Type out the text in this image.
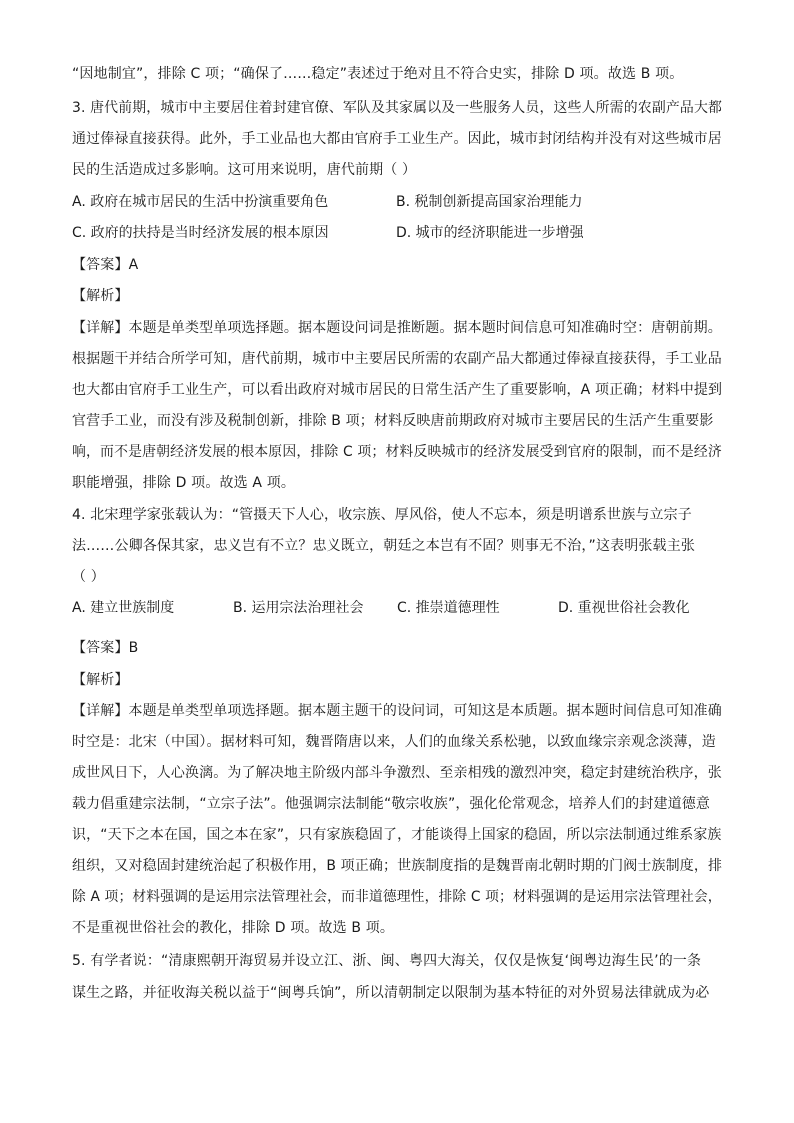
“因地制宜”，排除 C 项；“确保了……稳定”表述过于绝对且不符合史实，排除 D 项。故选 B 项。
3. 唐代前期，城市中主要居住着封建官僚、军队及其家属以及一些服务人员，这些人所需的农副产品大都
通过俸禄直接获得。此外，手工业品也大都由官府手工业生产。因此，城市封闭结构并没有对这些城市居
民的生活造成过多影响。这可用来说明，唐代前期（ ）
A. 政府在城市居民的生活中扮演重要角色	B. 税制创新提高国家治理能力
C. 政府的扶持是当时经济发展的根本原因	D. 城市的经济职能进一步增强
【答案】A
【解析】
【详解】本题是单类型单项选择题。据本题设问词是推断题。据本题时间信息可知准确时空：唐朝前期。
根据题干并结合所学可知，唐代前期，城市中主要居民所需的农副产品大都通过俸禄直接获得，手工业品
也大都由官府手工业生产，可以看出政府对城市居民的日常生活产生了重要影响，A 项正确；材料中提到
官营手工业，而没有涉及税制创新，排除 B 项；材料反映唐前期政府对城市主要居民的生活产生重要影
响，而不是唐朝经济发展的根本原因，排除 C 项；材料反映城市的经济发展受到官府的限制，而不是经济
职能增强，排除 D 项。故选 A 项。
4. 北宋理学家张载认为：“管摄天下人心，收宗族、厚风俗，使人不忘本，须是明谱系世族与立宗子
法……公卿各保其家，忠义岂有不立？忠义既立，朝廷之本岂有不固？则事无不治，”这表明张载主张
（ ）
A. 建立世族制度	B. 运用宗法治理社会 C. 推崇道德理性	D. 重视世俗社会教化
【答案】B
【解析】
【详解】本题是单类型单项选择题。据本题主题干的设问词，可知这是本质题。据本题时间信息可知准确
时空是：北宋（中国）。据材料可知，魏晋隋唐以来，人们的血缘关系松驰，以致血缘宗亲观念淡薄，造
成世风日下，人心涣漓。为了解决地主阶级内部斗争激烈、至亲相残的激烈冲突，稳定封建统治秩序，张
载力倡重建宗法制，“立宗子法”。他强调宗法制能“敬宗收族”，强化伦常观念，培养人们的封建道德意
识，“天下之本在国，国之本在家”，只有家族稳固了，才能谈得上国家的稳固，所以宗法制通过维系家族
组织，又对稳固封建统治起了积极作用，B 项正确；世族制度指的是魏晋南北朝时期的门阀士族制度，排
除 A 项；材料强调的是运用宗法管理社会，而非道德理性，排除 C 项；材料强调的是运用宗法管理社会，
不是重视世俗社会的教化，排除 D 项。故选 B 项。
5. 有学者说：“清康熙朝开海贸易并设立江、浙、闽、粤四大海关，仅仅是恢复‘闽粤边海生民’的一条
谋生之路，并征收海关税以益于“闽粤兵饷”，所以清朝制定以限制为基本特征的对外贸易法律就成为必
